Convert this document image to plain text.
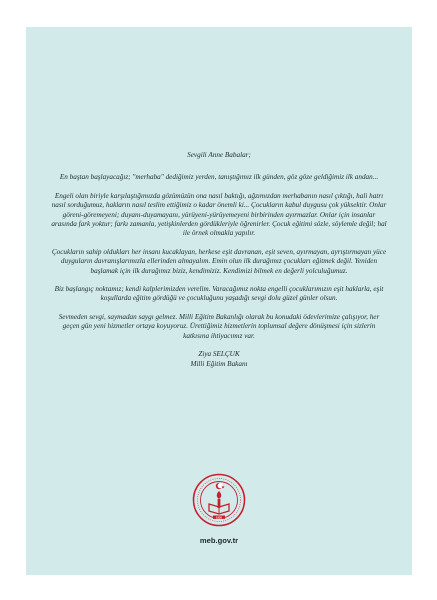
Sevgili Anne Babalar;

En baştan başlayacağız; "merhaba" dediğimiz yerden, tanıştığımız ilk günden, göz göze geldiğimiz ilk andan...

Engeli olan biriyle karşılaştığımızda gözümüzün ona nasıl baktığı, ağzımızdan merhabanın nasıl çıktığı, hali hatrı nasıl sorduğumuz, hakların nasıl teslim ettiğimiz o kadar önemli ki... Çocukların kabul duygusu çok yüksektir. Onlar göreni-göremeyeni; duyanı-duyamayanı, yürüyeni-yürüyemeyeni birbirinden ayırmazlar. Onlar için insanlar arasında fark yoktur; farkı zamanla, yetişkinlerden gördükleriyle öğrenirler. Çocuk eğitimi sözle, söylemle değil; hal ile örnek olmakla yapılır.

Çocukların sahip oldukları her insanı kucaklayan, herkese eşit davranan, eşit seven, ayırmayan, ayrıştırmayan yüce duyguların davranışlarımızla ellerinden almayalım. Emin olun ilk durağımız çocukları eğitmek değil. Yeniden başlamak için ilk durağımız biziz, kendimiziz. Kendimizi bilmek en değerli yolculuğumuz.

Biz başlangıç noktamız; kendi kalplerimizden verelim. Varacağımız nokta engelli çocuklarımızın eşit haklarla, eşit koşullarda eğitim gördüğü ve çocukluğunu yaşadığı sevgi dolu güzel günler olsun.

Sevmeden sevgi, saymadan saygı gelmez. Milli Eğitim Bakanlığı olarak bu konudaki ödevlerimize çalışıyor, her geçen gün yeni hizmetler ortaya koyuyoruz. Ürettiğimiz hizmetlerin toplumsal değere dönüşmesi için sizlerin katkısına ihtiyacımız var.

Ziya SELÇUK

Milli Eğitim Bakanı

1920
meb.gov.tr
